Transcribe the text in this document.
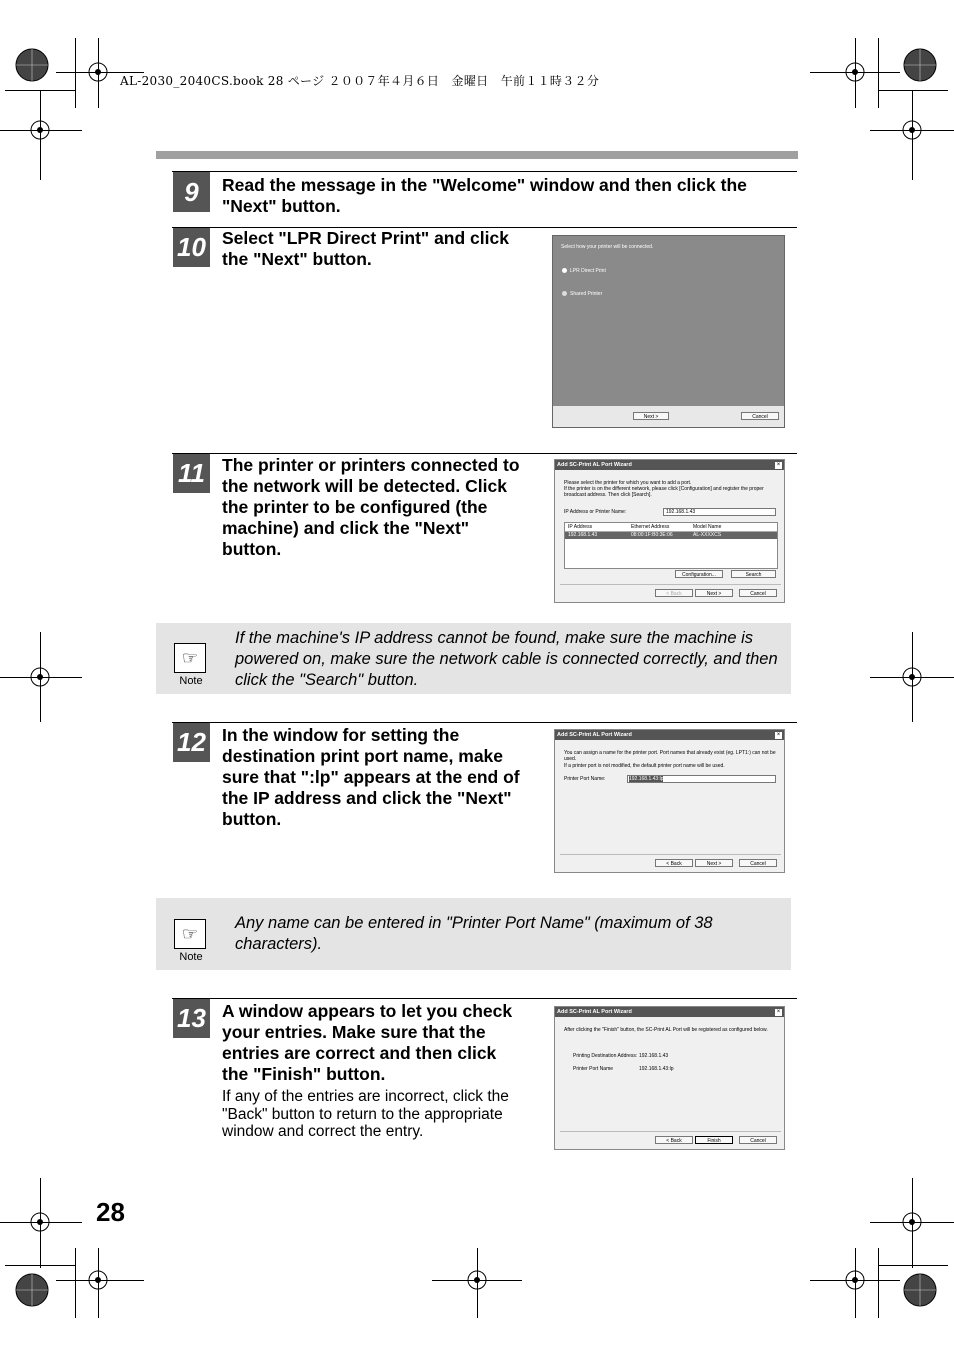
AL-2030_2040CS.book 28 ページ ２００７年４月６日　金曜日　午前１１時３２分
9	Read the message in the "Welcome" window and then click the "Next" button.
10 Select "LPR Direct Print" and click the "Next" button.
Select how your printer will be connected.
LPR Direct Print
Shared Printer
Next >	Cancel
11 The printer or printers connected to the network will be detected. Click the printer to be configured (the machine) and click the "Next" button.
Add SC-Print AL Port Wizard	×
Please select the printer for which you want to add a port.
If the printer is on the different network, please click [Configuration] and register the proper broadcast address. Then click [Search].
IP Address or Printer Name:	192.168.1.43
IP Address	Ethernet Address	Model Name
192.168.1.43	08:00:1F:B0:3E:06	AL-XXXXCS
Configuration...	Search
< Back	Next >	Cancel
☞
Note
If the machine's IP address cannot be found, make sure the machine is powered on, make sure the network cable is connected correctly, and then click the "Search" button.
12 In the window for setting the destination print port name, make sure that ":lp" appears at the end of the IP address and click the "Next" button.
Add SC-Print AL Port Wizard	×
You can assign a name for the printer port. Port names that already exist (eg. LPT1:) can not be used.
If a printer port is not modified, the default printer port name will be used.
Printer Port Name:	192.168.1.43:lp
< Back	Next >	Cancel
☞
Note
Any name can be entered in "Printer Port Name" (maximum of 38 characters).
13 A window appears to let you check your entries. Make sure that the entries are correct and then click the "Finish" button.
If any of the entries are incorrect, click the "Back" button to return to the appropriate window and correct the entry.
Add SC-Print AL Port Wizard	×
After clicking the "Finish" button, the SC-Print AL Port will be registered as configured below.
Printing Destination Address: 192.168.1.43
Printer Port Name	192.168.1.43:lp
< Back	Finish	Cancel
28
